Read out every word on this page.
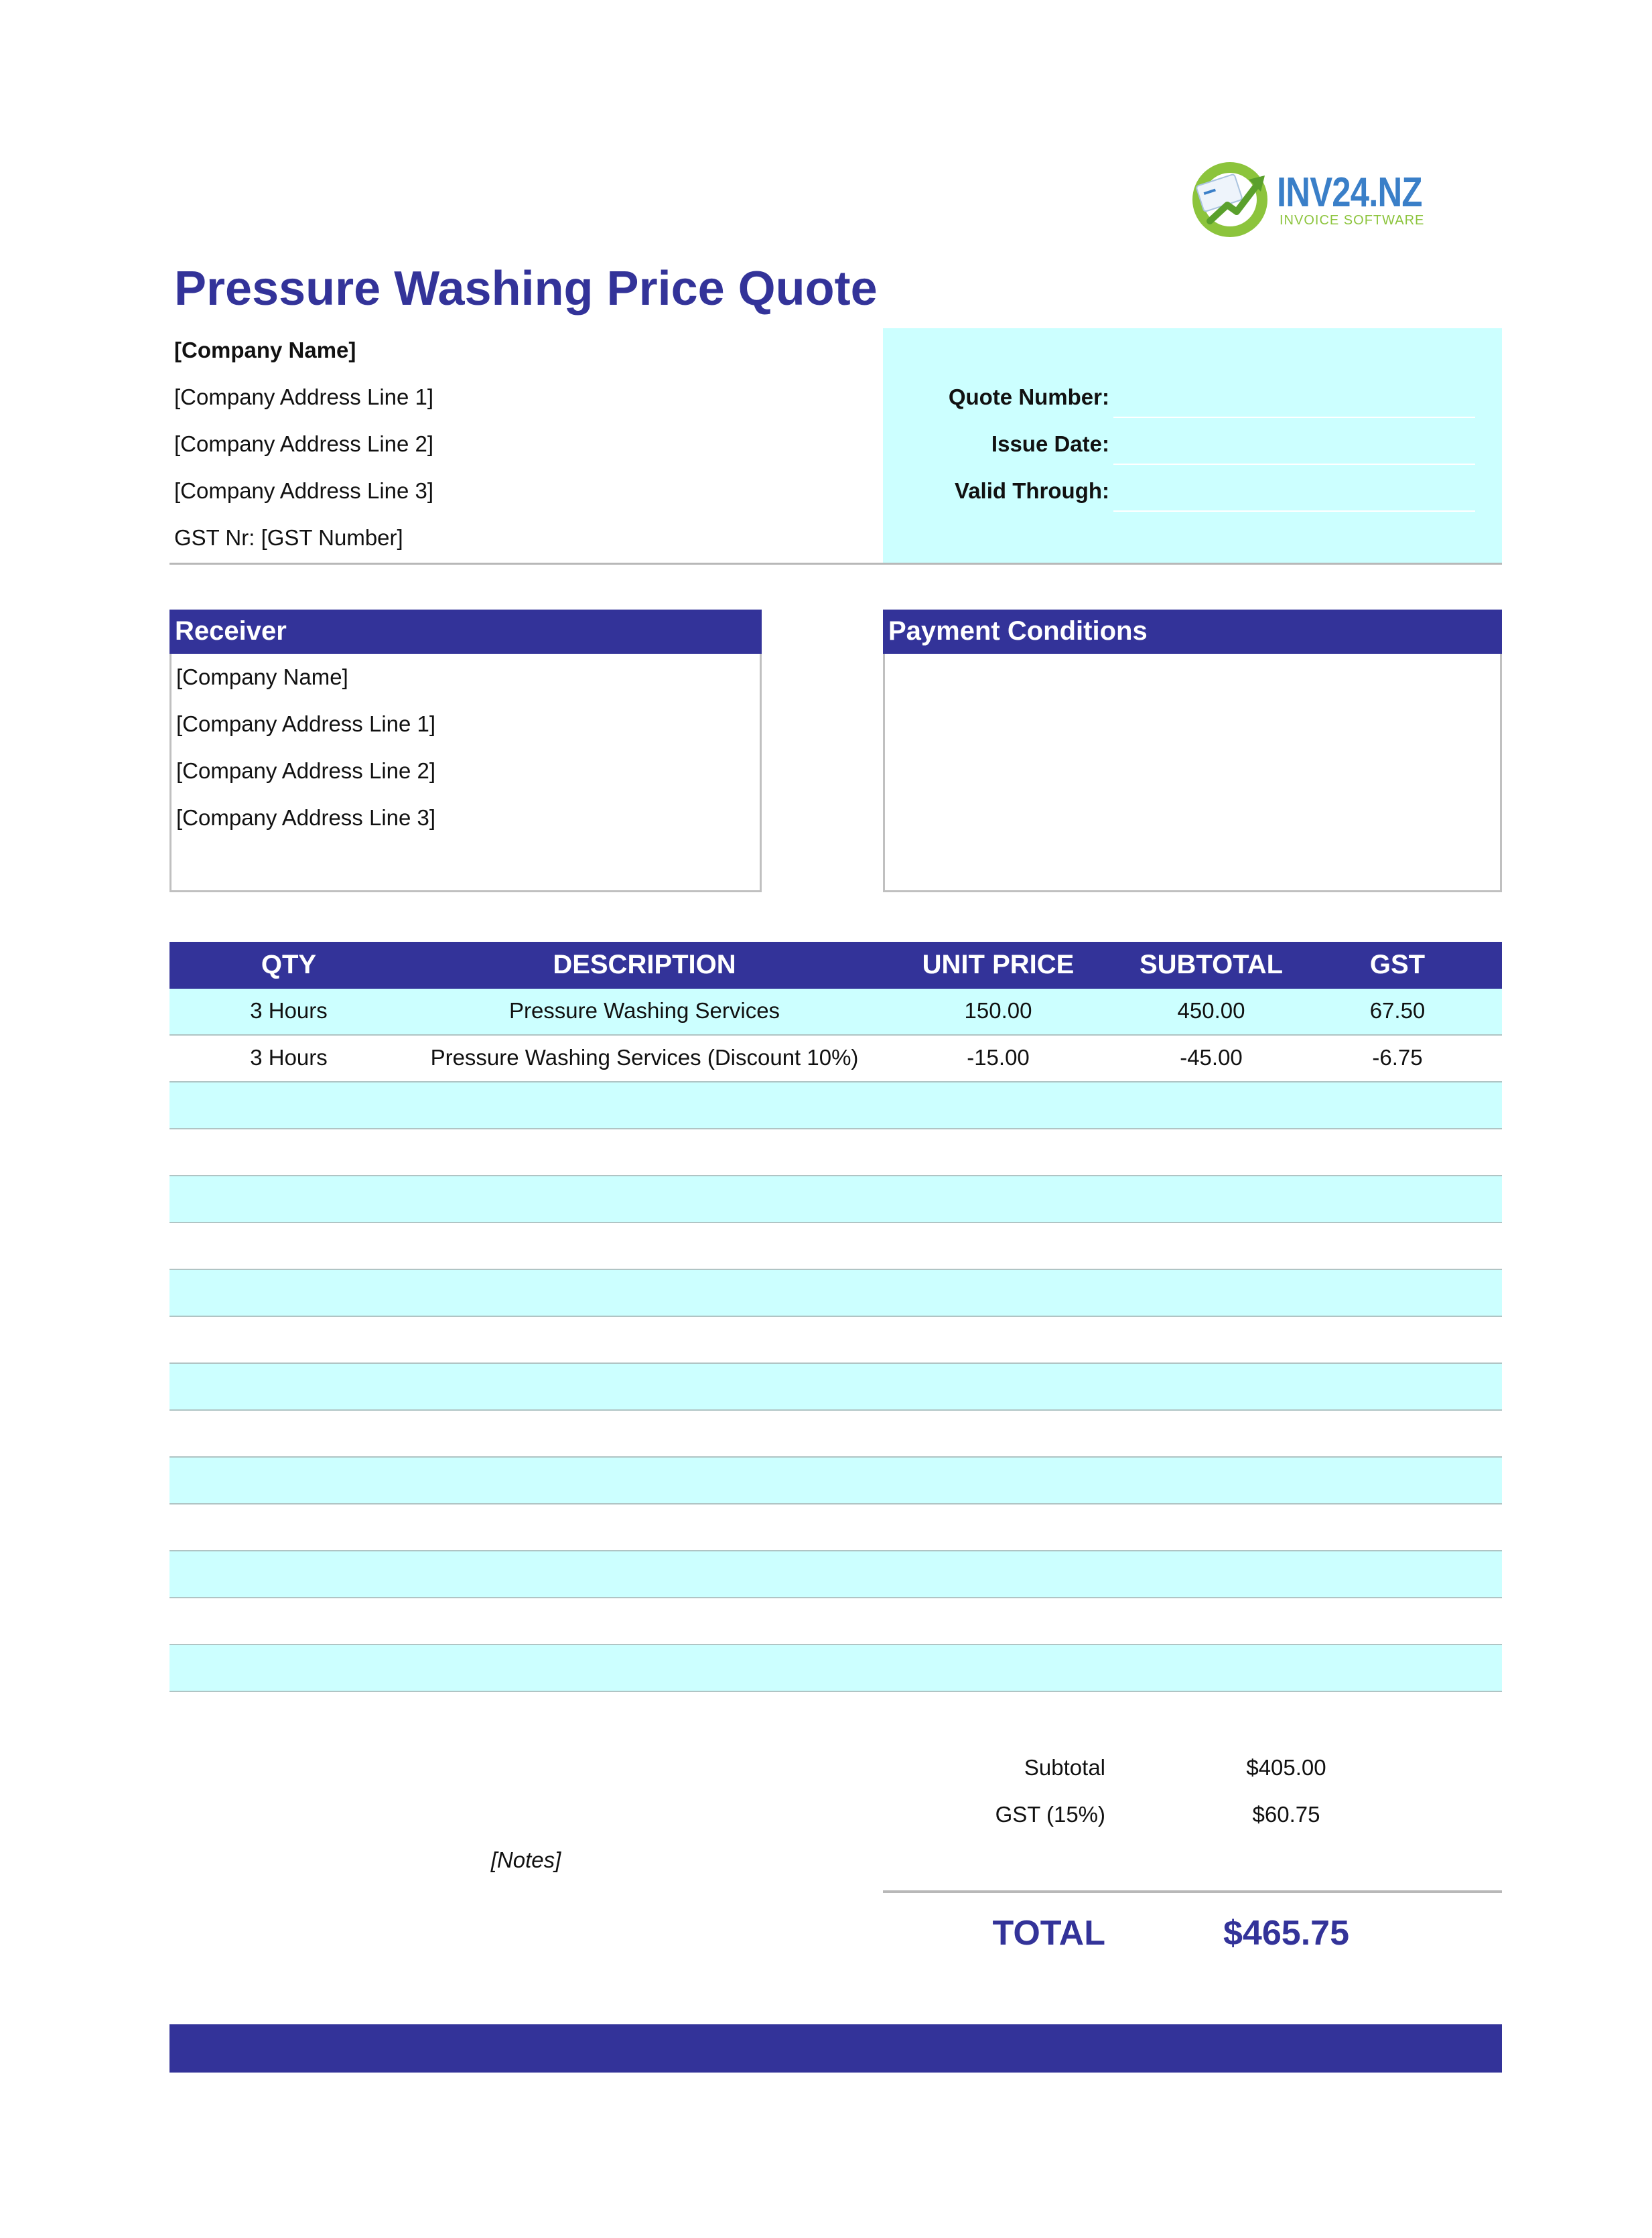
INV24.NZ
INVOICE SOFTWARE
Pressure Washing Price Quote
Quote Number:
Issue Date:
Valid Through:
[Company Name]
[Company Address Line 1]
[Company Address Line 2]
[Company Address Line 3]
GST Nr: [GST Number]
Receiver
[Company Name]
[Company Address Line 1]
[Company Address Line 2]
[Company Address Line 3]
Payment Conditions
QTY	DESCRIPTION	UNIT PRICE	SUBTOTAL	GST
3 Hours	Pressure Washing Services	150.00	450.00	67.50
3 Hours	Pressure Washing Services (Discount 10%)	-15.00	-45.00	-6.75
Subtotal	$405.00
GST (15%)	$60.75
[Notes]
TOTAL	$465.75
